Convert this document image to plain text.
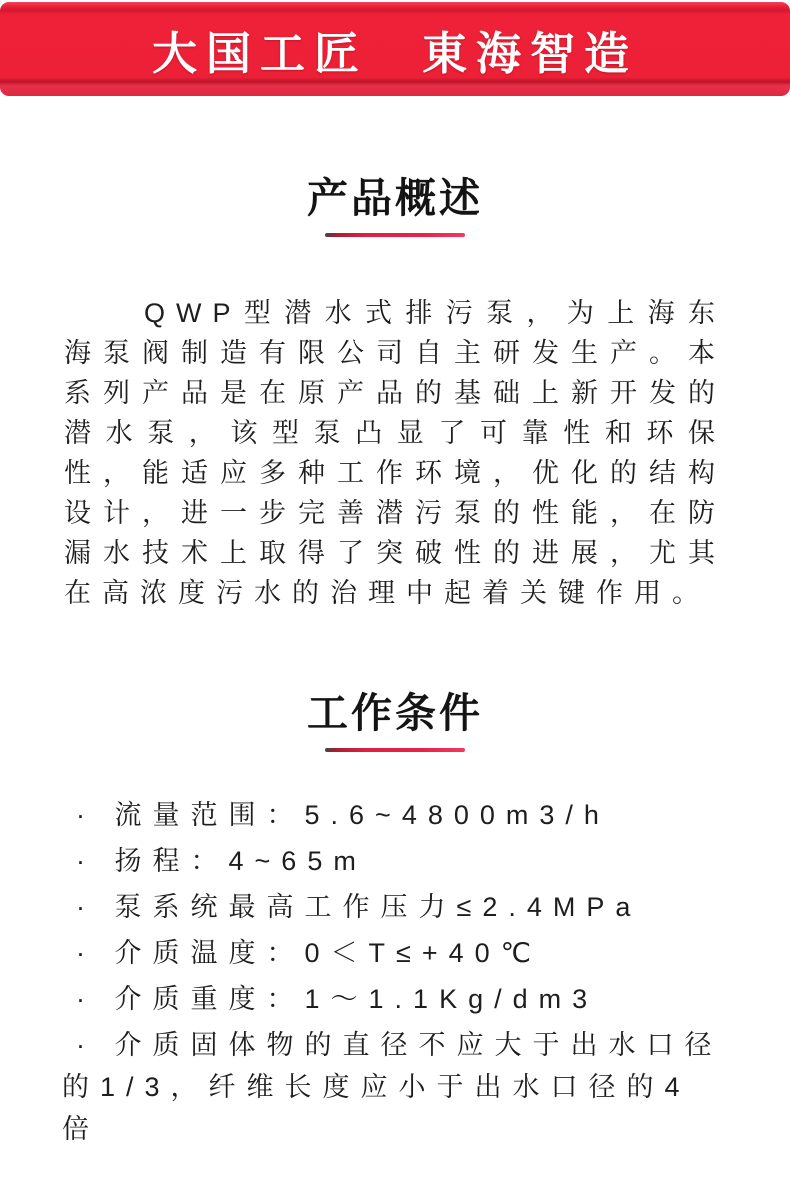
大国工匠　東海智造
产品概述

QWP型潜水式排污泵，为上海东海泵阀制造有限公司自主研发生产。本系列产品是在原产品的基础上新开发的潜水泵，该型泵凸显了可靠性和环保性，能适应多种工作环境，优化的结构设计，进一步完善潜污泵的性能，在防漏水技术上取得了突破性的进展，尤其在高浓度污水的治理中起着关键作用。

工作条件

· 流量范围：5.6~4800m3/h

· 扬程：4~65m

· 泵系统最高工作压力≤2.4MPa

· 介质温度：0＜T≤+40℃

· 介质重度：1～1.1Kg/dm3

· 介质固体物的直径不应大于出水口径的1/3，纤维长度应小于出水口径的4倍
